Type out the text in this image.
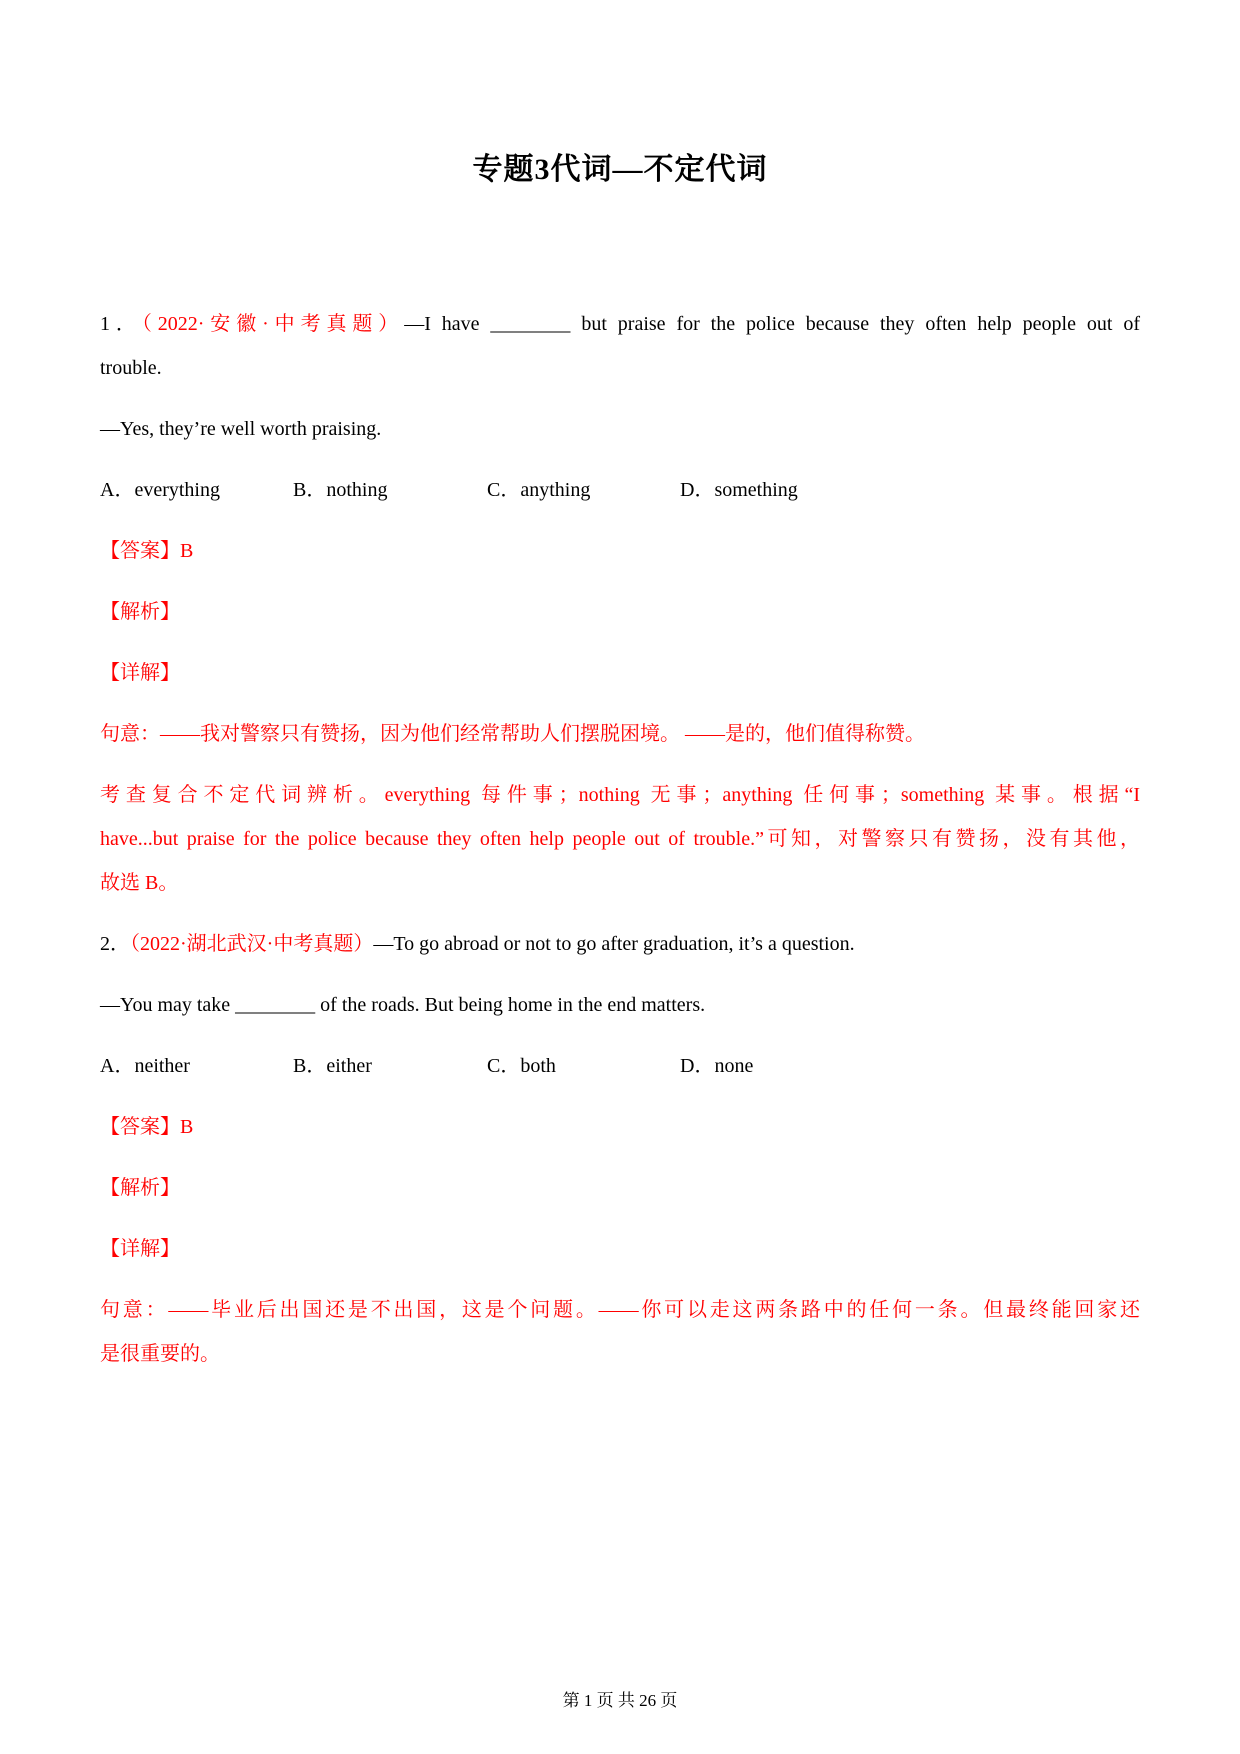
专题3代词—不定代词
1．（2022·安徽·中考真题）—I have ________ but praise for the police because they often help people out of
trouble.
—Yes, they’re well worth praising.
A．everything	B．nothing	C．anything	D．something
【答案】B
【解析】
【详解】
句意：——我对警察只有赞扬，因为他们经常帮助人们摆脱困境。 ——是的，他们值得称赞。
考查复合不定代词辨析。everything 每件事；nothing 无事；anything 任何事；something 某事。根据“I
have...but praise for the police because they often help people out of trouble.”可知，对警察只有赞扬，没有其他，
故选 B。
2．（2022·湖北武汉·中考真题）—To go abroad or not to go after graduation, it’s a question.
—You may take ________ of the roads. But being home in the end matters.
A．neither	B．either	C．both	D．none
【答案】B
【解析】
【详解】
句意：——毕业后出国还是不出国，这是个问题。——你可以走这两条路中的任何一条。但最终能回家还
是很重要的。
第 1 页 共 26 页
